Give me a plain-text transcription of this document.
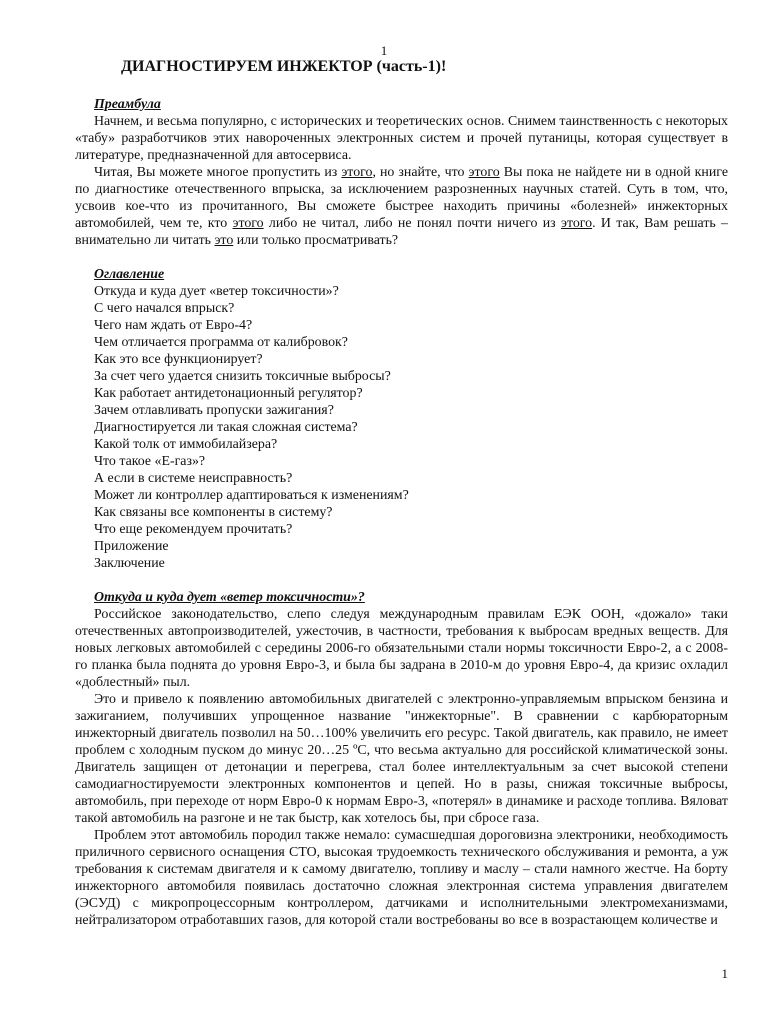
1
ДИАГНОСТИРУЕМ ИНЖЕКТОР (часть-1)!
Преамбула

Начнем, и весьма популярно, с исторических и теоретических основ. Снимем таинственность с некоторых «табу» разработчиков этих навороченных электронных систем и прочей путаницы, которая существует в литературе, предназначенной для автосервиса.

Читая, Вы можете многое пропустить из этого, но знайте, что этого Вы пока не найдете ни в одной книге по диагностике отечественного впрыска, за исключением разрозненных научных статей. Суть в том, что, усвоив кое-что из прочитанного, Вы сможете быстрее находить причины «болезней» инжекторных автомобилей, чем те, кто этого либо не читал, либо не понял почти ничего из этого. И так, Вам решать – внимательно ли читать это или только просматривать?

Оглавление
Откуда и куда дует «ветер токсичности»?
С чего начался впрыск?
Чего нам ждать от Евро-4?
Чем отличается программа от калибровок?
Как это все функционирует?
За счет чего удается снизить токсичные выбросы?
Как работает антидетонационный регулятор?
Зачем отлавливать пропуски зажигания?
Диагностируется ли такая сложная система?
Какой толк от иммобилайзера?
Что такое «Е-газ»?
А если в системе неисправность?
Может ли контроллер адаптироваться к изменениям?
Как связаны все компоненты в систему?
Что еще рекомендуем прочитать?
Приложение
Заключение
Откуда и куда дует «ветер токсичности»?

Российское законодательство, слепо следуя международным правилам ЕЭК ООН, «дожало» таки отечественных автопроизводителей, ужесточив, в частности, требования к выбросам вредных веществ. Для новых легковых автомобилей с середины 2006-го обязательными стали нормы токсичности Евро-2, а с 2008-го планка была поднята до уровня Евро-3, и была бы задрана в 2010-м до уровня Евро-4, да кризис охладил «доблестный» пыл.

Это и привело к появлению автомобильных двигателей с электронно-управляемым впрыском бензина и зажиганием, получивших упрощенное название "инжекторные". В сравнении с карбюраторным инжекторный двигатель позволил на 50…100% увеличить его ресурс. Такой двигатель, как правило, не имеет проблем с холодным пуском до минус 20…25 ºС, что весьма актуально для российской климатической зоны. Двигатель защищен от детонации и перегрева, стал более интеллектуальным за счет высокой степени самодиагностируемости электронных компонентов и цепей. Но в разы, снижая токсичные выбросы, автомобиль, при переходе от норм Евро-0 к нормам Евро-3, «потерял» в динамике и расходе топлива. Вяловат такой автомобиль на разгоне и не так быстр, как хотелось бы, при сбросе газа.

Проблем этот автомобиль породил также немало: сумасшедшая дороговизна электроники, необходимость приличного сервисного оснащения СТО, высокая трудоемкость технического обслуживания и ремонта, а уж требования к системам двигателя и к самому двигателю, топливу и маслу – стали намного жестче. На борту инжекторного автомобиля появилась достаточно сложная электронная система управления двигателем (ЭСУД) с микропроцессорным контроллером, датчиками и исполнительными электромеханизмами, нейтрализатором отработавших газов, для которой стали востребованы во все в возрастающем количестве и

1
